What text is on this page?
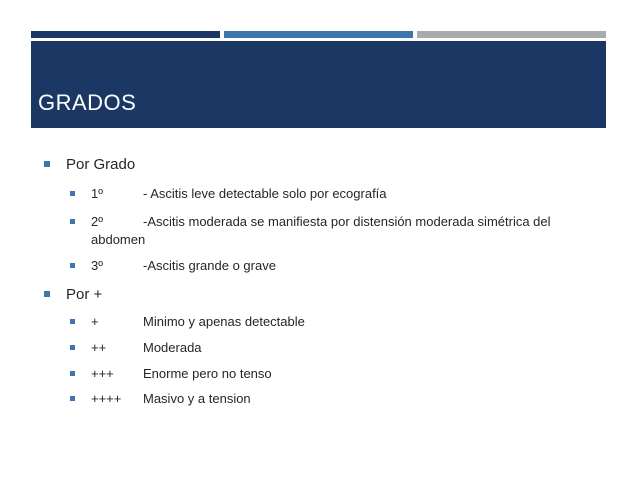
GRADOS
Por Grado
1º	- Ascitis leve detectable solo por ecografía
2º	-Ascitis moderada se manifiesta por distensión moderada simétrica del
abdomen
3º	-Ascitis grande o grave
Por +
+	Minimo y apenas detectable
++	Moderada
+++ Enorme pero no tenso
++++ Masivo y a tension
